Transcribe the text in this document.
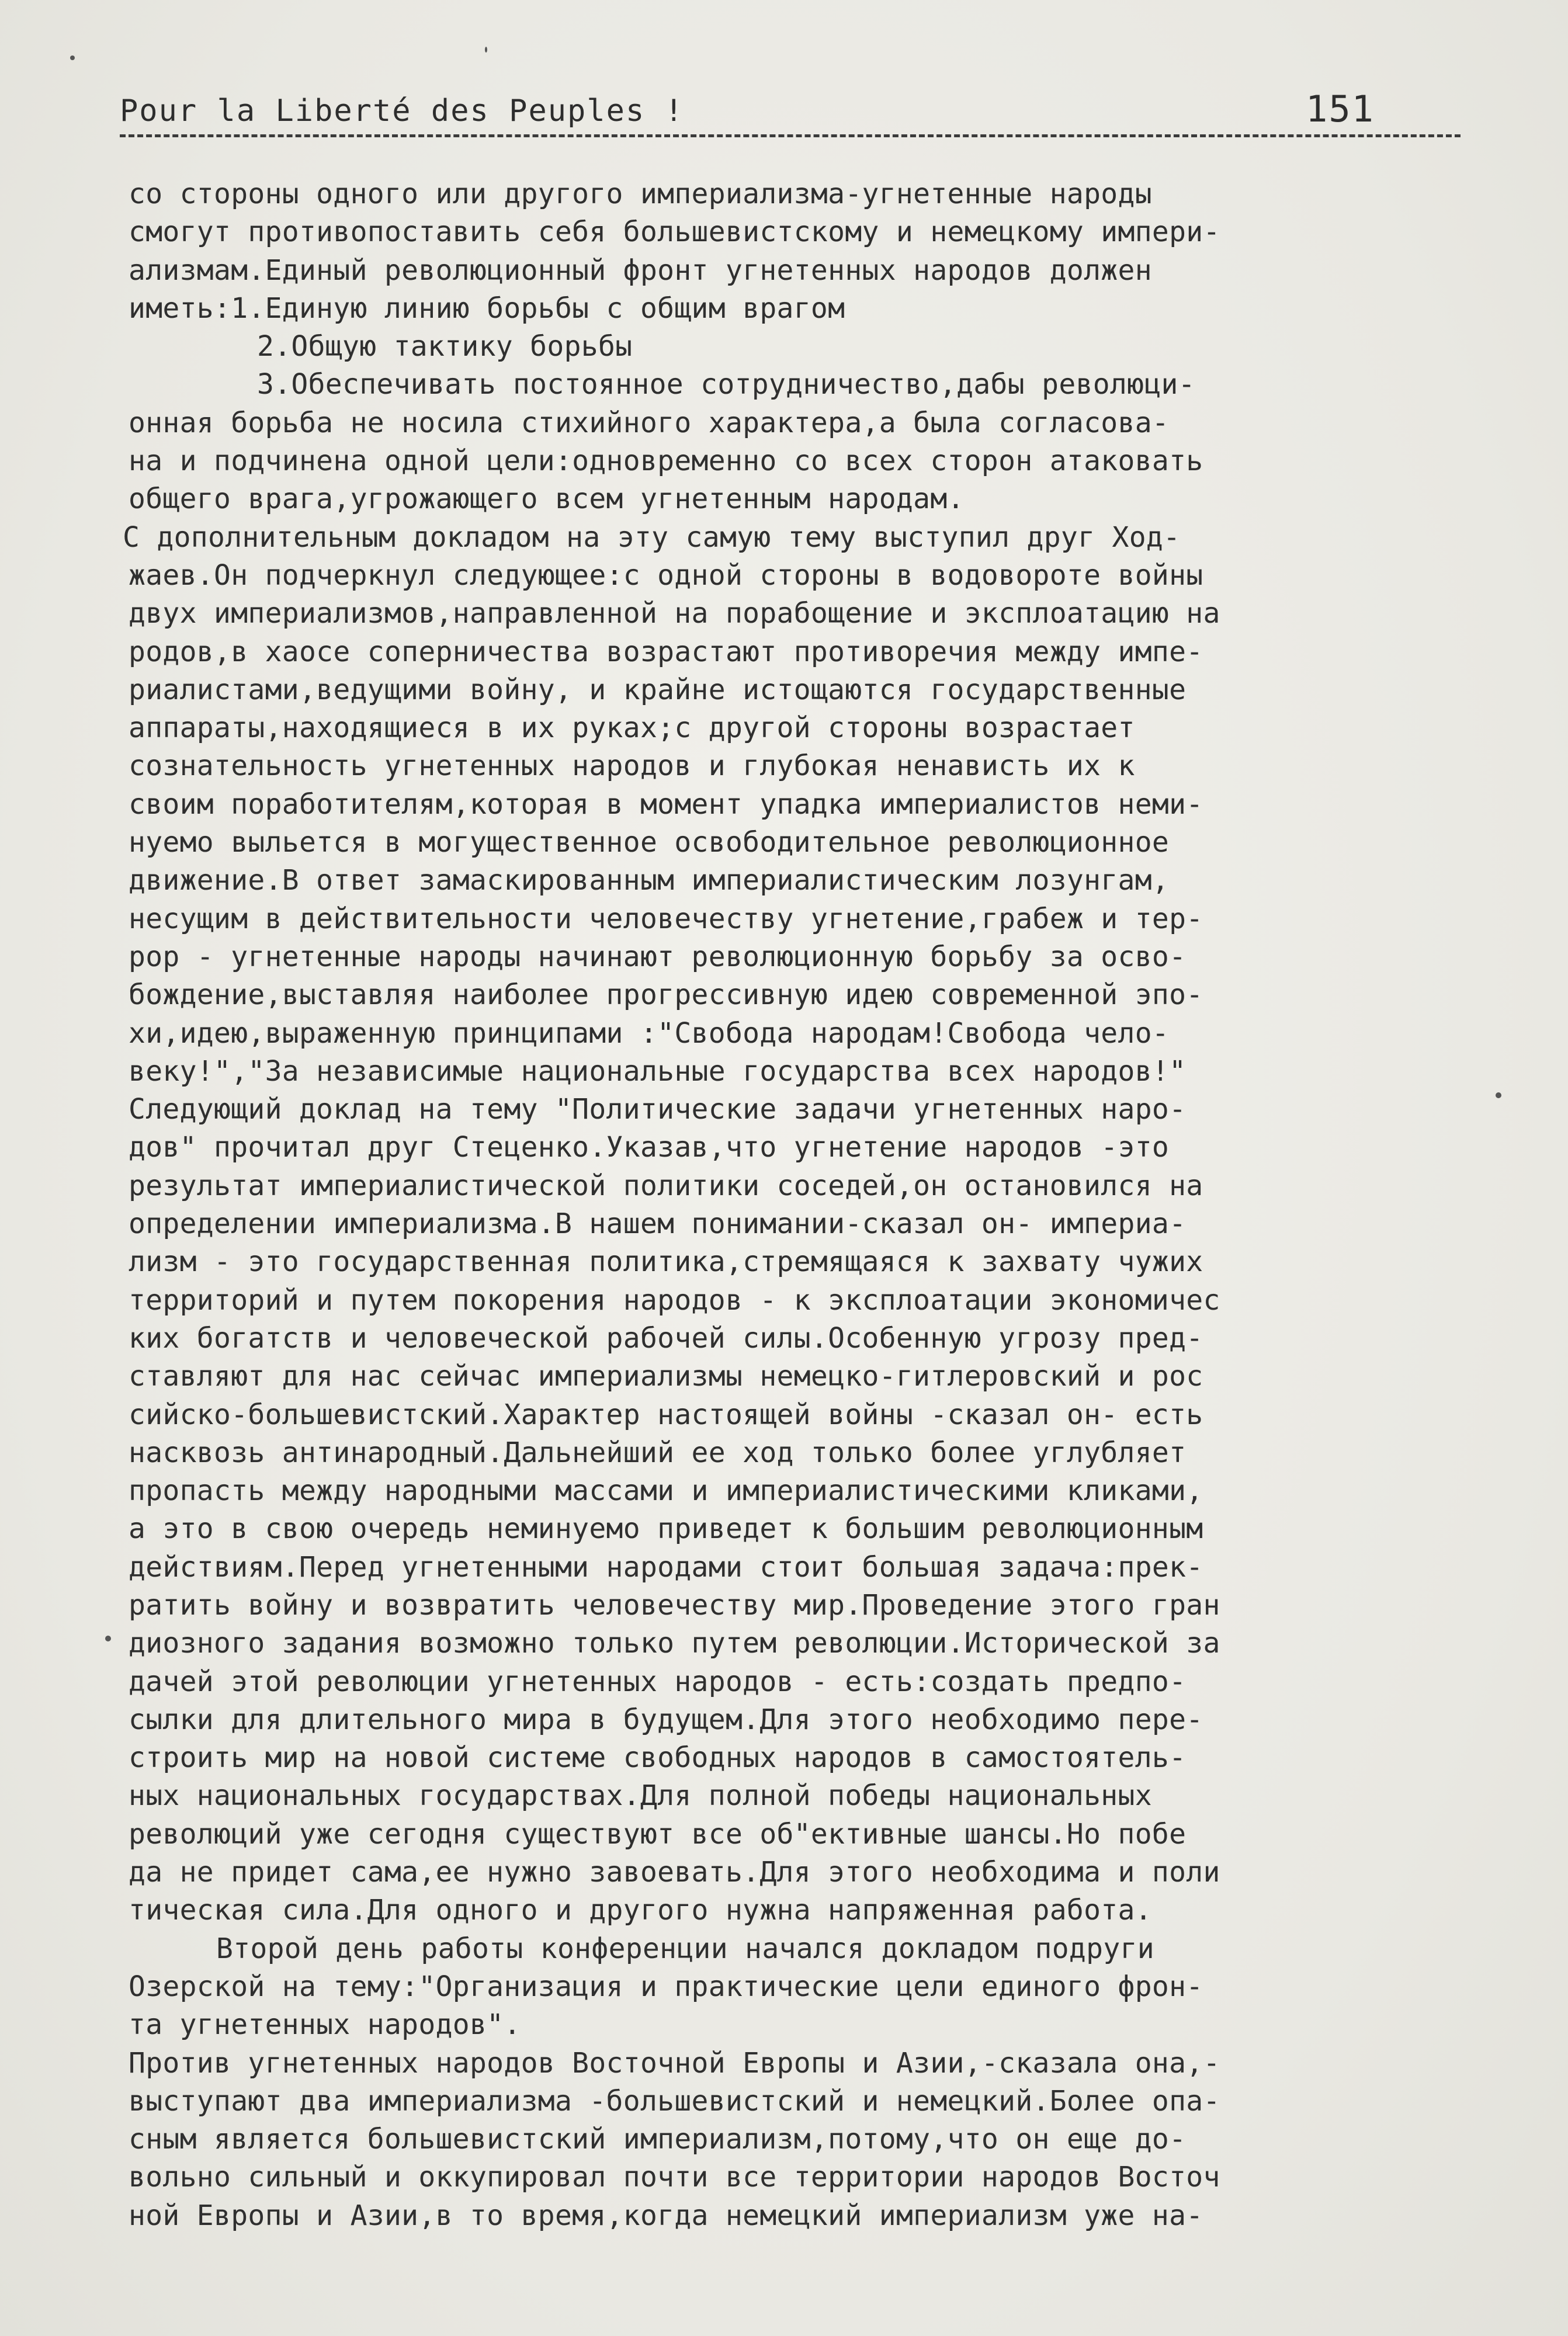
Pour la Liberté des Peuples !	151
со стороны одного или другого империализма-угнетенные народы
смогут противопоставить себя большевистскому и немецкому импери-
ализмам.Единый революционный фронт угнетенных народов должен
иметь:1.Единую линию борьбы с общим врагом
2.Общую тактику борьбы
3.Обеспечивать постоянное сотрудничество,дабы революци-
онная борьба не носила стихийного характера,а была согласова-
на и подчинена одной цели:одновременно со всех сторон атаковать
общего врага,угрожающего всем угнетенным народам.
С дополнительным докладом на эту самую тему выступил друг Ход-
жаев.Он подчеркнул следующее:с одной стороны в водовороте войны
двух империализмов,направленной на порабощение и эксплоатацию на
родов,в хаосе соперничества возрастают противоречия между импе-
риалистами,ведущими войну, и крайне истощаются государственные
аппараты,находящиеся в их руках;с другой стороны возрастает
сознательность угнетенных народов и глубокая ненависть их к
своим поработителям,которая в момент упадка империалистов неми-
нуемо выльется в могущественное освободительное революционное
движение.В ответ замаскированным империалистическим лозунгам,
несущим в действительности человечеству угнетение,грабеж и тер-
рор - угнетенные народы начинают революционную борьбу за осво-
бождение,выставляя наиболее прогрессивную идею современной эпо-
хи,идею,выраженную принципами :"Свобода народам!Свобода чело-
веку!","За независимые национальные государства всех народов!"
Следующий доклад на тему "Политические задачи угнетенных наро-
дов" прочитал друг Стеценко.Указав,что угнетение народов -это
результат империалистической политики соседей,он остановился на
определении империализма.В нашем понимании-сказал он- империа-
лизм - это государственная политика,стремящаяся к захвату чужих
территорий и путем покорения народов - к эксплоатации экономичес
ких богатств и человеческой рабочей силы.Особенную угрозу пред-
ставляют для нас сейчас империализмы немецко-гитлеровский и рос
сийско-большевистский.Характер настоящей войны -сказал он- есть
насквозь антинародный.Дальнейший ее ход только более углубляет
пропасть между народными массами и империалистическими кликами,
а это в свою очередь неминуемо приведет к большим революционным
действиям.Перед угнетенными народами стоит большая задача:прек-
ратить войну и возвратить человечеству мир.Проведение этого гран
диозного задания возможно только путем революции.Исторической за
дачей этой революции угнетенных народов - есть:создать предпо-
сылки для длительного мира в будущем.Для этого необходимо пере-
строить мир на новой системе свободных народов в самостоятель-
ных национальных государствах.Для полной победы национальных
революций уже сегодня существуют все об"ективные шансы.Но побе
да не придет сама,ее нужно завоевать.Для этого необходима и поли
тическая сила.Для одного и другого нужна напряженная работа.
Второй день работы конференции начался докладом подруги
Озерской на тему:"Организация и практические цели единого фрон-
та угнетенных народов".
Против угнетенных народов Восточной Европы и Азии,-сказала она,-
выступают два империализма -большевистский и немецкий.Более опа-
сным является большевистский империализм,потому,что он еще до-
вольно сильный и оккупировал почти все территории народов Восточ
ной Европы и Азии,в то время,когда немецкий империализм уже на-
